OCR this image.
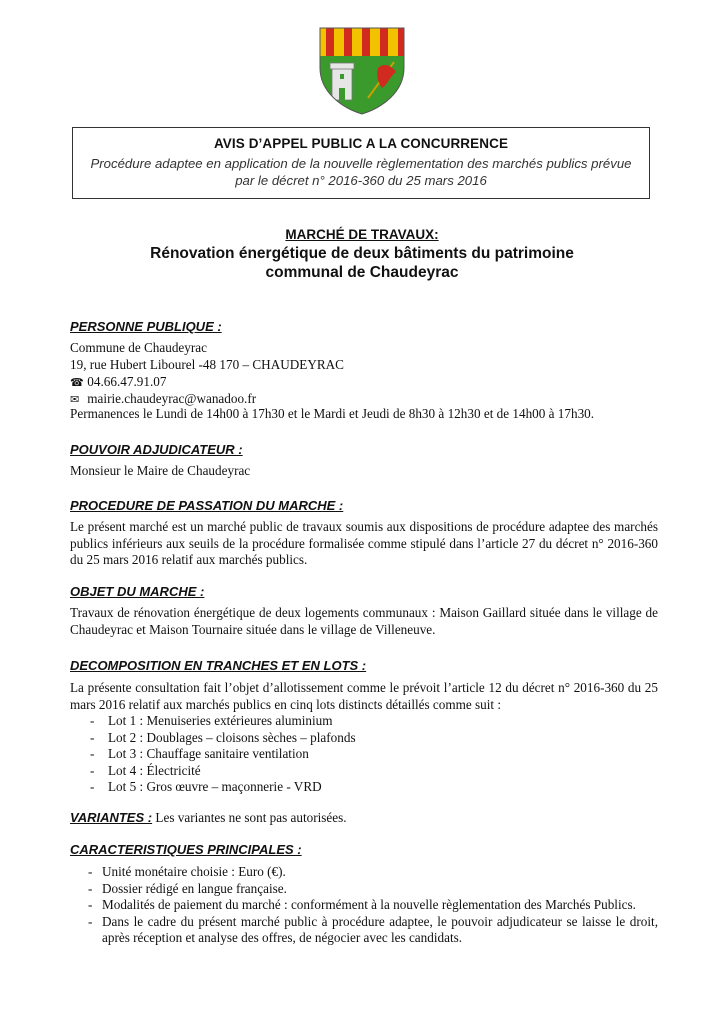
AVIS D’APPEL PUBLIC A LA CONCURRENCE
Procédure adaptee en application de la nouvelle règlementation des marchés publics prévue
par le décret n° 2016-360 du 25 mars 2016
MARCHÉ DE TRAVAUX:
Rénovation énergétique de deux bâtiments du patrimoine
communal de Chaudeyrac
PERSONNE PUBLIQUE :
Commune de Chaudeyrac
19, rue Hubert Libourel -48 170 – CHAUDEYRAC
☎ 04.66.47.91.07
✉ mairie.chaudeyrac@wanadoo.fr
Permanences le Lundi de 14h00 à 17h30 et le Mardi et Jeudi de 8h30 à 12h30 et de 14h00 à 17h30.
POUVOIR ADJUDICATEUR :
Monsieur le Maire de Chaudeyrac
PROCEDURE DE PASSATION DU MARCHE :
Le présent marché est un marché public de travaux soumis aux dispositions de procédure adaptee des marchés publics inférieurs aux seuils de la procédure formalisée comme stipulé dans l’article 27 du décret n° 2016-360 du 25 mars 2016 relatif aux marchés publics.
OBJET DU MARCHE :
Travaux de rénovation énergétique de deux logements communaux : Maison Gaillard située dans le village de Chaudeyrac et Maison Tournaire située dans le village de Villeneuve.
DECOMPOSITION EN TRANCHES ET EN LOTS :
La présente consultation fait l’objet d’allotissement comme le prévoit l’article 12 du décret n° 2016-360 du 25 mars 2016 relatif aux marchés publics en cinq lots distincts détaillés comme suit :
- Lot 1 : Menuiseries extérieures aluminium
- Lot 2 : Doublages – cloisons sèches – plafonds
- Lot 3 : Chauffage sanitaire ventilation
- Lot 4 : Électricité
- Lot 5 : Gros œuvre – maçonnerie - VRD
VARIANTES : Les variantes ne sont pas autorisées.
CARACTERISTIQUES PRINCIPALES :
- Unité monétaire choisie : Euro (€).
- Dossier rédigé en langue française.
- Modalités de paiement du marché : conformément à la nouvelle règlementation des Marchés Publics.
- Dans le cadre du présent marché public à procédure adaptee, le pouvoir adjudicateur se laisse le droit, après réception et analyse des offres, de négocier avec les candidats.
